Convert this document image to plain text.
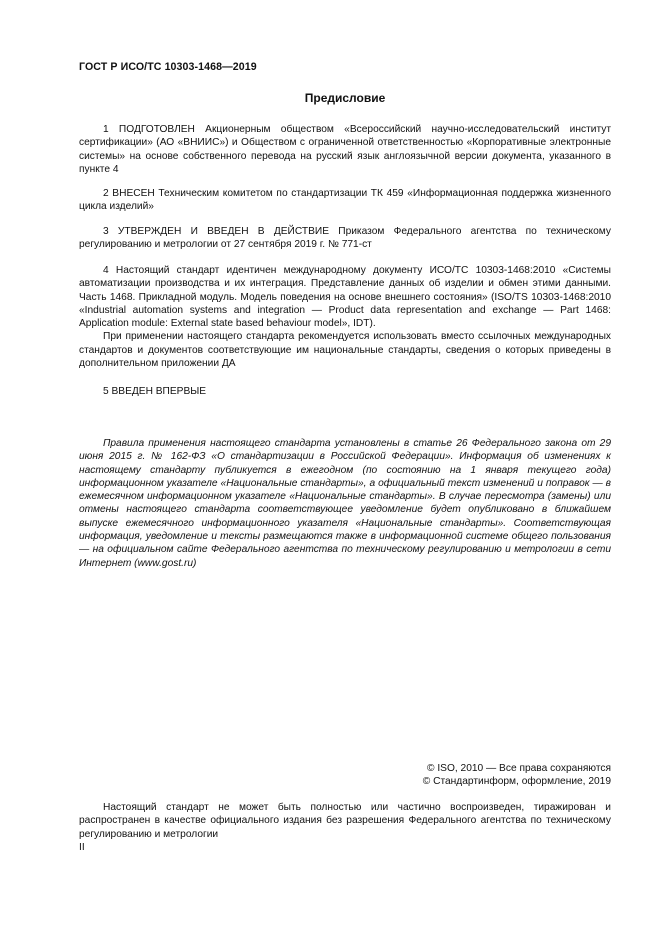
ГОСТ Р ИСО/ТС 10303-1468—2019
Предисловие

1 ПОДГОТОВЛЕН Акционерным обществом «Всероссийский научно-исследовательский институт сертификации» (АО «ВНИИС») и Обществом с ограниченной ответственностью «Корпоративные электронные системы» на основе собственного перевода на русский язык англоязычной версии документа, указанного в пункте 4

2 ВНЕСЕН Техническим комитетом по стандартизации ТК 459 «Информационная поддержка жизненного цикла изделий»

3 УТВЕРЖДЕН И ВВЕДЕН В ДЕЙСТВИЕ Приказом Федерального агентства по техническому регулированию и метрологии от 27 сентября 2019 г. № 771-ст

4 Настоящий стандарт идентичен международному документу ИСО/ТС 10303-1468:2010 «Системы автоматизации производства и их интеграция. Представление данных об изделии и обмен этими данными. Часть 1468. Прикладной модуль. Модель поведения на основе внешнего состояния» (ISO/TS 10303-1468:2010 «Industrial automation systems and integration — Product data representation and exchange — Part 1468: Application module: External state based behaviour model», IDT).

При применении настоящего стандарта рекомендуется использовать вместо ссылочных международных стандартов и документов соответствующие им национальные стандарты, сведения о которых приведены в дополнительном приложении ДА

5 ВВЕДЕН ВПЕРВЫЕ

Правила применения настоящего стандарта установлены в статье 26 Федерального закона от 29 июня 2015 г. № 162-ФЗ «О стандартизации в Российской Федерации». Информация об изменениях к настоящему стандарту публикуется в ежегодном (по состоянию на 1 января текущего года) информационном указателе «Национальные стандарты», а официальный текст изменений и поправок — в ежемесячном информационном указателе «Национальные стандарты». В случае пересмотра (замены) или отмены настоящего стандарта соответствующее уведомление будет опубликовано в ближайшем выпуске ежемесячного информационного указателя «Национальные стандарты». Соответствующая информация, уведомление и тексты размещаются также в информационной системе общего пользования — на официальном сайте Федерального агентства по техническому регулированию и метрологии в сети Интернет (www.gost.ru)

© ISO, 2010 — Все права сохраняются
© Стандартинформ, оформление, 2019

Настоящий стандарт не может быть полностью или частично воспроизведен, тиражирован и распространен в качестве официального издания без разрешения Федерального агентства по техническому регулированию и метрологии

II
